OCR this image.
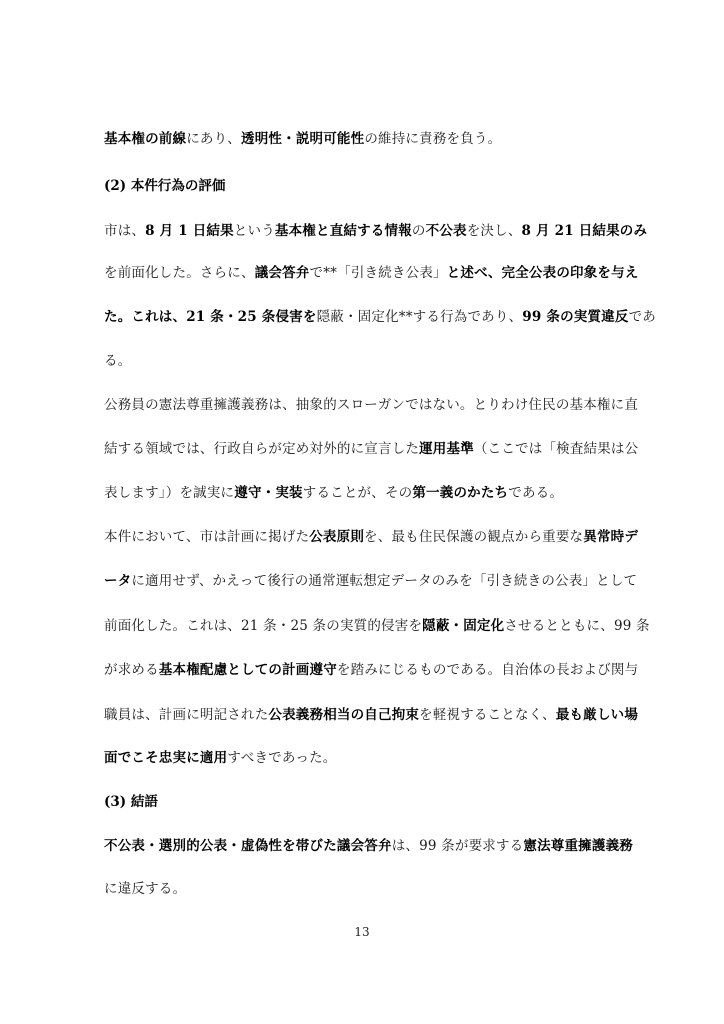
基本権の前線にあり、透明性・説明可能性の維持に責務を負う。
(2) 本件行為の評価
市は、8 月 1 日結果という基本権と直結する情報の不公表を決し、8 月 21 日結果のみ
を前面化した。さらに、議会答弁で**「引き続き公表」と述べ、完全公表の印象を与え
た。これは、21 条・25 条侵害を隠蔽・固定化**する行為であり、99 条の実質違反であ
る。
公務員の憲法尊重擁護義務は、抽象的スローガンではない。とりわけ住民の基本権に直
結する領域では、行政自らが定め対外的に宣言した運用基準（ここでは「検査結果は公
表します」）を誠実に遵守・実装することが、その第一義のかたちである。
本件において、市は計画に掲げた公表原則を、最も住民保護の観点から重要な異常時デ
ータに適用せず、かえって後行の通常運転想定データのみを「引き続きの公表」として
前面化した。これは、21 条・25 条の実質的侵害を隠蔽・固定化させるとともに、99 条
が求める基本権配慮としての計画遵守を踏みにじるものである。自治体の長および関与
職員は、計画に明記された公表義務相当の自己拘束を軽視することなく、最も厳しい場
面でこそ忠実に適用すべきであった。
(3) 結語
不公表・選別的公表・虚偽性を帯びた議会答弁は、99 条が要求する憲法尊重擁護義務
に違反する。
13
